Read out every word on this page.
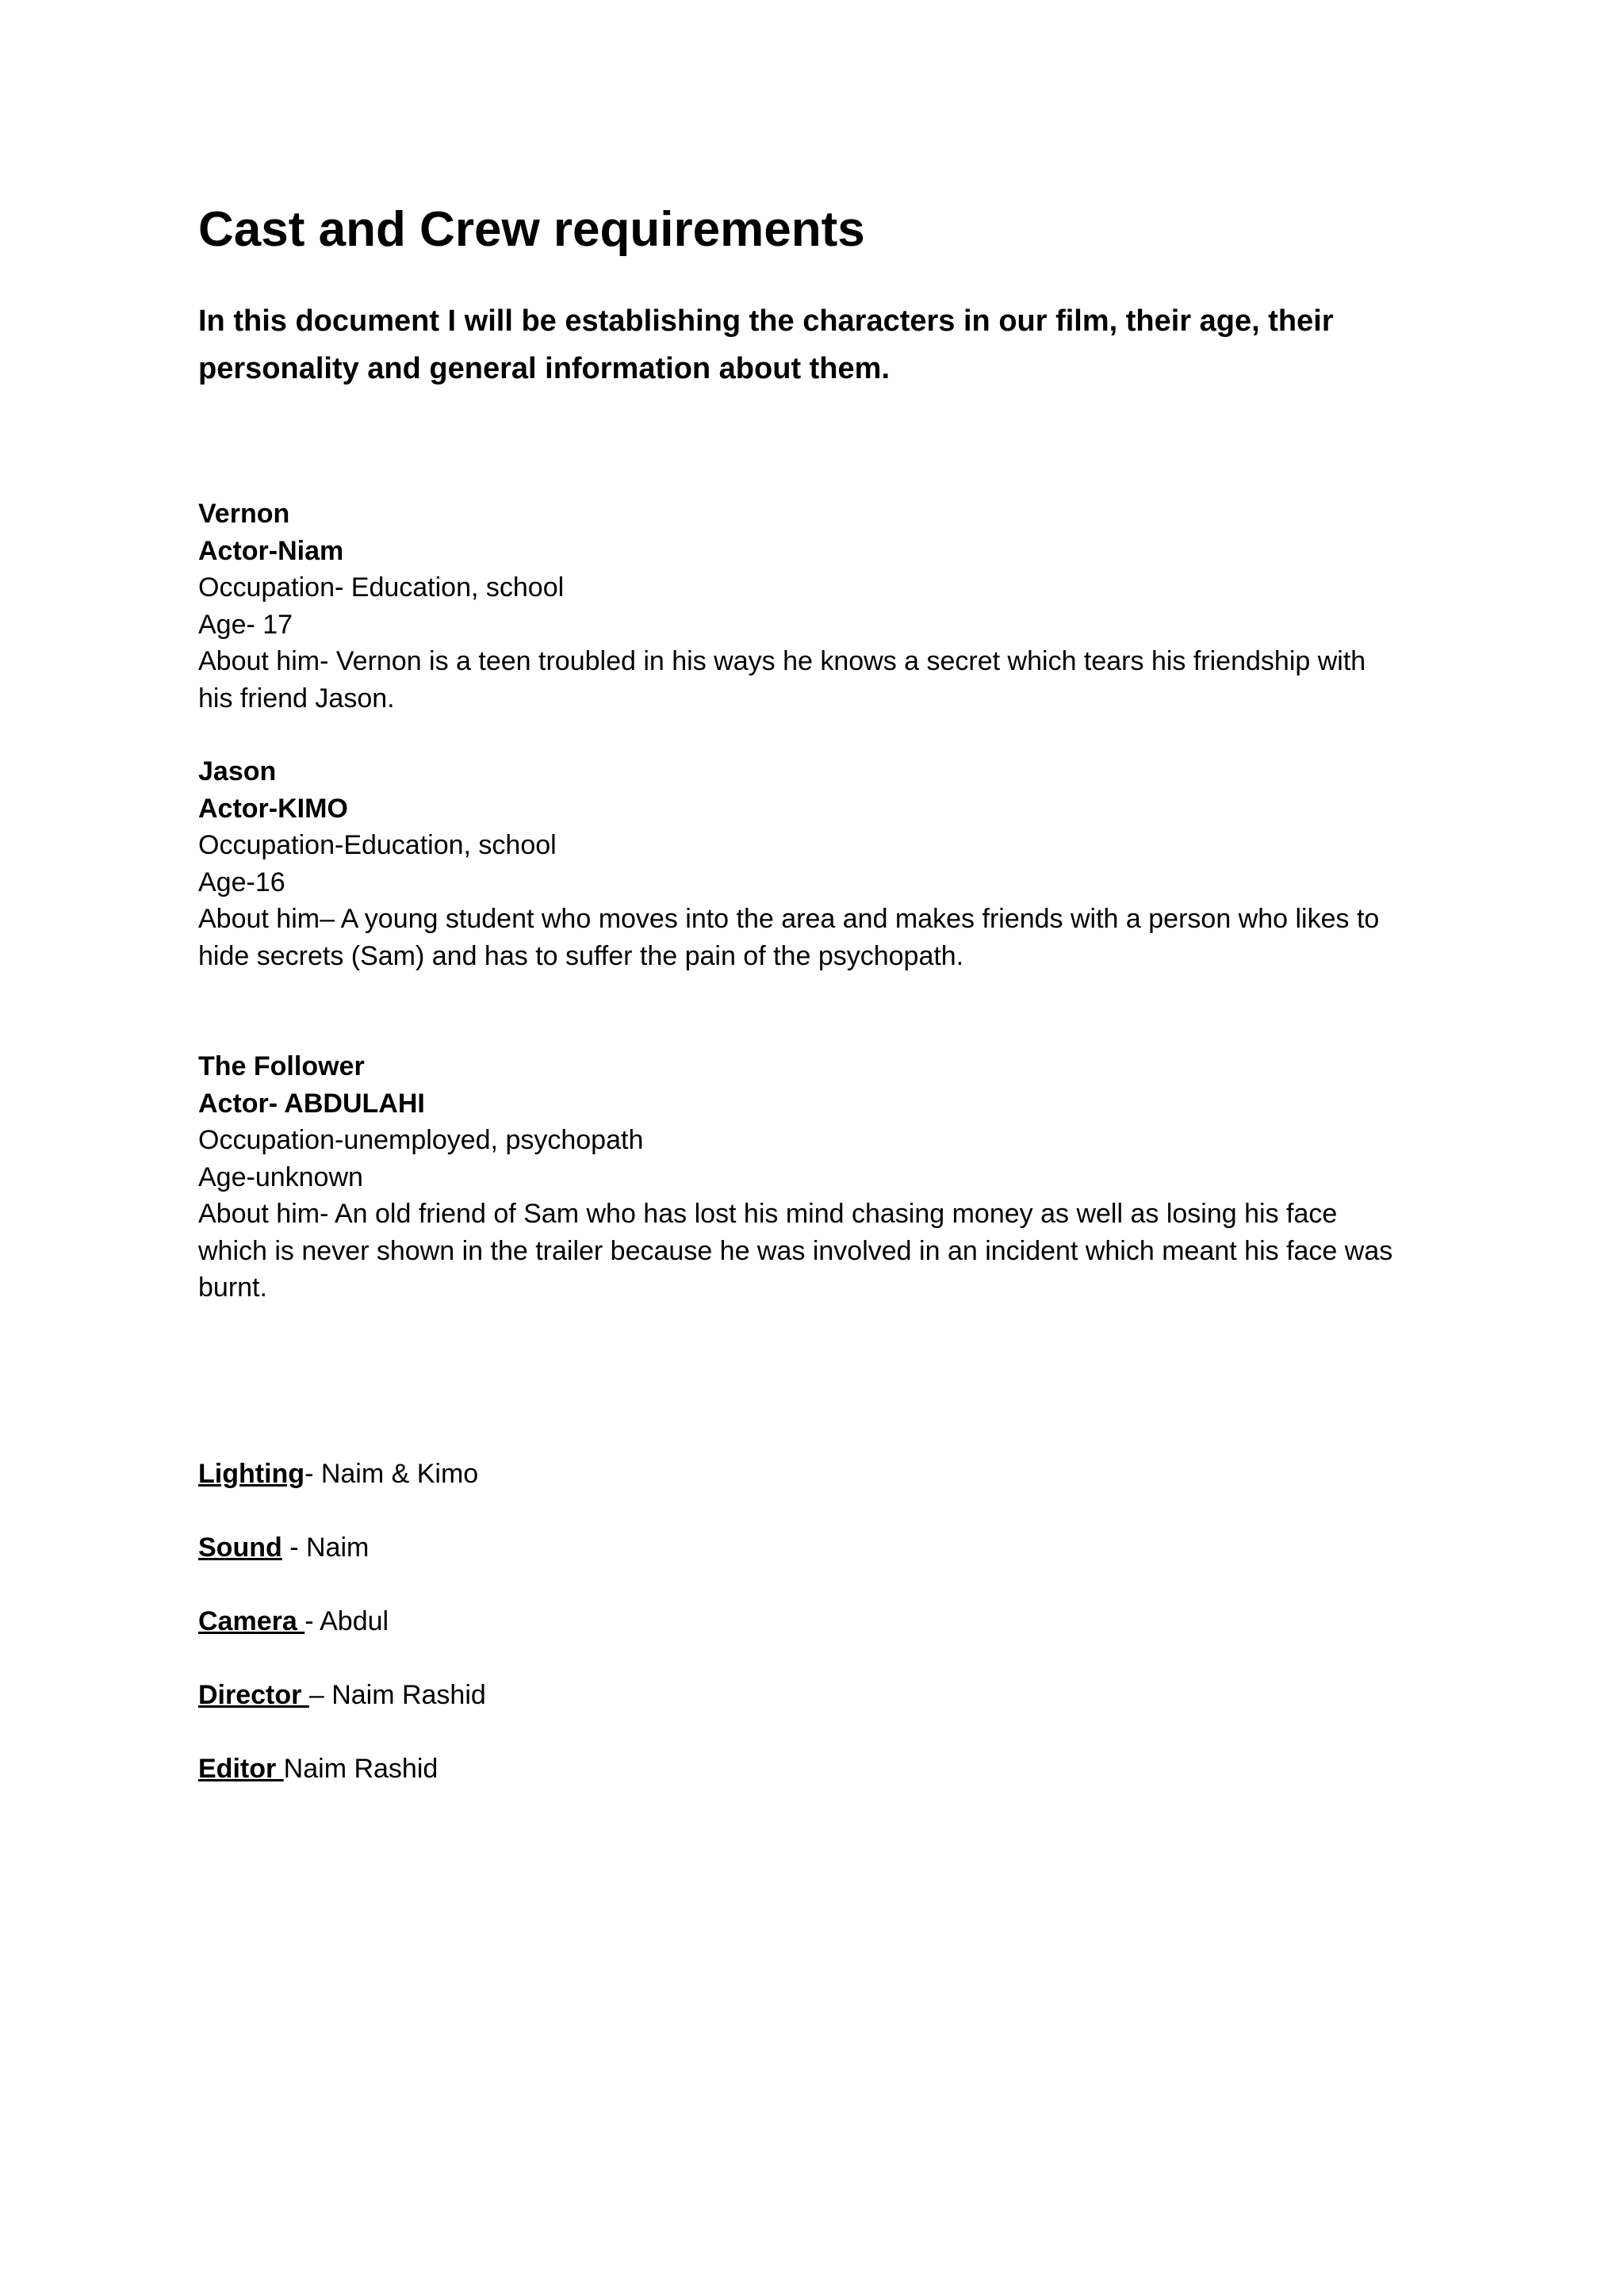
Cast and Crew requirements
In this document I will be establishing the characters in our film, their age, their
personality and general information about them.
Vernon
Actor-Niam
Occupation- Education, school
Age- 17
About him- Vernon is a teen troubled in his ways he knows a secret which tears his friendship with
his friend Jason.
Jason
Actor-KIMO
Occupation-Education, school
Age-16
About him– A young student who moves into the area and makes friends with a person who likes to
hide secrets (Sam) and has to suffer the pain of the psychopath.
The Follower
Actor- ABDULAHI
Occupation-unemployed, psychopath
Age-unknown
About him- An old friend of Sam who has lost his mind chasing money as well as losing his face
which is never shown in the trailer because he was involved in an incident which meant his face was
burnt.
Lighting- Naim & Kimo
Sound - Naim
Camera - Abdul
Director – Naim Rashid
Editor Naim Rashid
